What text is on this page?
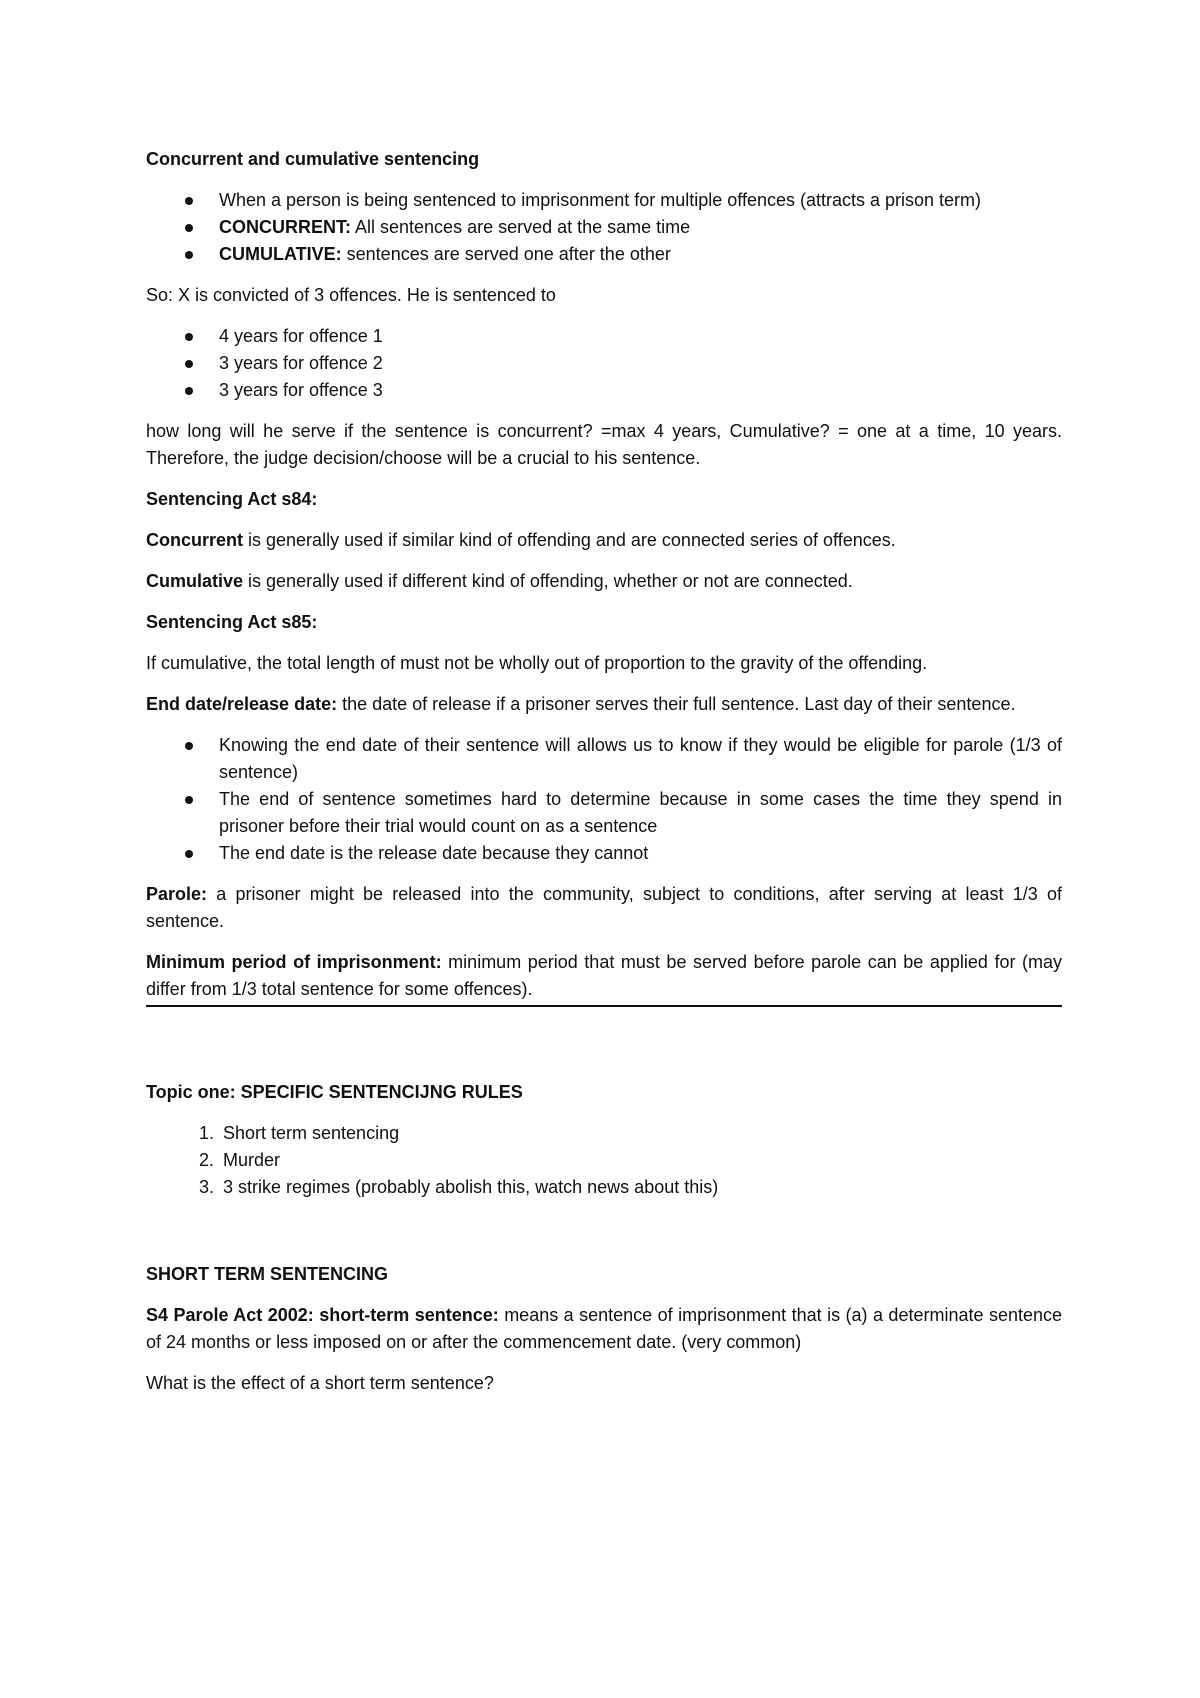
Concurrent and cumulative sentencing

When a person is being sentenced to imprisonment for multiple offences (attracts a prison term)
CONCURRENT: All sentences are served at the same time
CUMULATIVE: sentences are served one after the other

So: X is convicted of 3 offences. He is sentenced to

4 years for offence 1
3 years for offence 2
3 years for offence 3

how long will he serve if the sentence is concurrent? =max 4 years, Cumulative? = one at a time, 10 years. Therefore, the judge decision/choose will be a crucial to his sentence.

Sentencing Act s84:

Concurrent is generally used if similar kind of offending and are connected series of offences.

Cumulative is generally used if different kind of offending, whether or not are connected.

Sentencing Act s85:

If cumulative, the total length of must not be wholly out of proportion to the gravity of the offending.

End date/release date: the date of release if a prisoner serves their full sentence. Last day of their sentence.

Knowing the end date of their sentence will allows us to know if they would be eligible for parole (1/3 of sentence)
The end of sentence sometimes hard to determine because in some cases the time they spend in prisoner before their trial would count on as a sentence
The end date is the release date because they cannot

Parole: a prisoner might be released into the community, subject to conditions, after serving at least 1/3 of sentence.

Minimum period of imprisonment: minimum period that must be served before parole can be applied for (may differ from 1/3 total sentence for some offences).

Topic one: SPECIFIC SENTENCIJNG RULES

1. Short term sentencing
2. Murder
3. 3 strike regimes (probably abolish this, watch news about this)

SHORT TERM SENTENCING

S4 Parole Act 2002: short-term sentence: means a sentence of imprisonment that is (a) a determinate sentence of 24 months or less imposed on or after the commencement date. (very common)

What is the effect of a short term sentence?
